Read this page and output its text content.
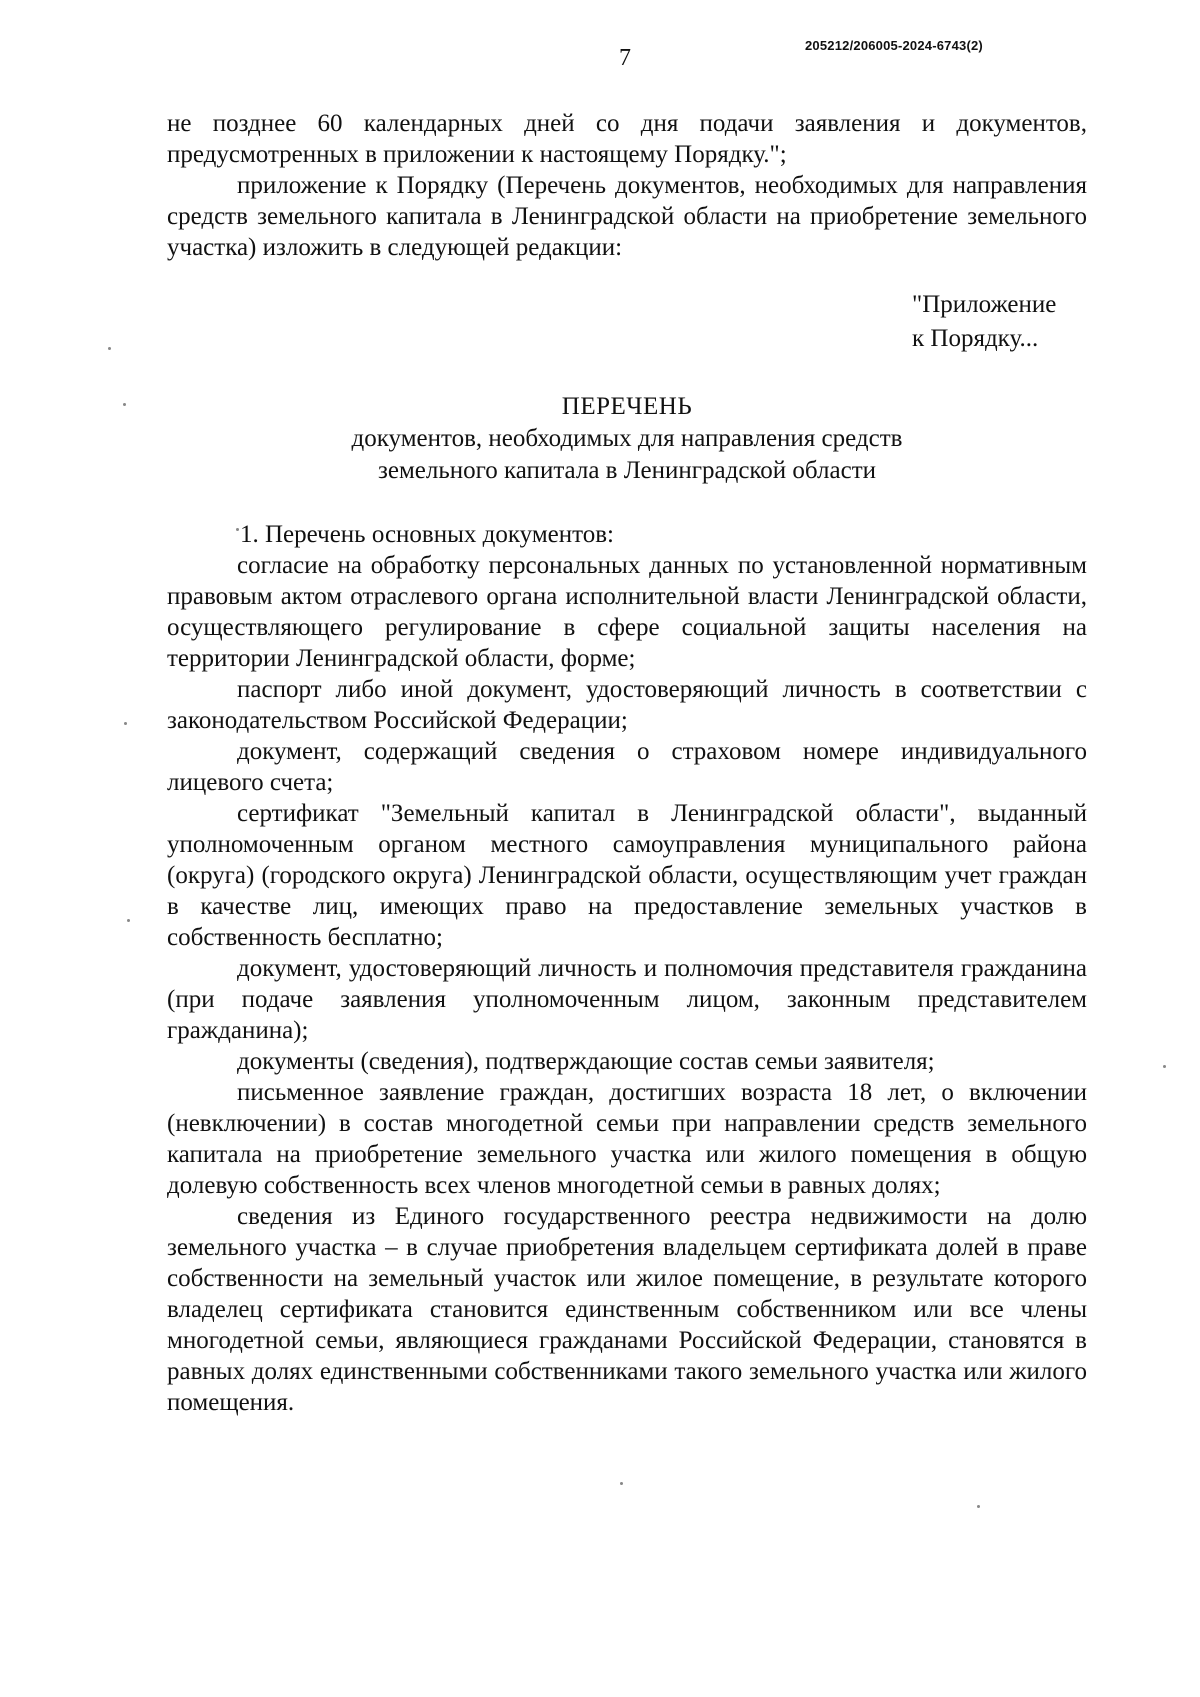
205212/206005-2024-6743(2)
7

не позднее 60 календарных дней со дня подачи заявления и документов, предусмотренных в приложении к настоящему Порядку.";

приложение к Порядку (Перечень документов, необходимых для направления средств земельного капитала в Ленинградской области на приобретение земельного участка) изложить в следующей редакции:

"Приложение
к Порядку...

ПЕРЕЧЕНЬ

документов, необходимых для направления средств

земельного капитала в Ленинградской области

1. Перечень основных документов:

согласие на обработку персональных данных по установленной нормативным правовым актом отраслевого органа исполнительной власти Ленинградской области, осуществляющего регулирование в сфере социальной защиты населения на территории Ленинградской области, форме;

паспорт либо иной документ, удостоверяющий личность в соответствии с законодательством Российской Федерации;

документ, содержащий сведения о страховом номере индивидуального лицевого счета;

сертификат "Земельный капитал в Ленинградской области", выданный уполномоченным органом местного самоуправления муниципального района (округа) (городского округа) Ленинградской области, осуществляющим учет граждан в качестве лиц, имеющих право на предоставление земельных участков в собственность бесплатно;

документ, удостоверяющий личность и полномочия представителя гражданина (при подаче заявления уполномоченным лицом, законным представителем гражданина);

документы (сведения), подтверждающие состав семьи заявителя;

письменное заявление граждан, достигших возраста 18 лет, о включении (невключении) в состав многодетной семьи при направлении средств земельного капитала на приобретение земельного участка или жилого помещения в общую долевую собственность всех членов многодетной семьи в равных долях;

сведения из Единого государственного реестра недвижимости на долю земельного участка – в случае приобретения владельцем сертификата долей в праве собственности на земельный участок или жилое помещение, в результате которого владелец сертификата становится единственным собственником или все члены многодетной семьи, являющиеся гражданами Российской Федерации, становятся в равных долях единственными собственниками такого земельного участка или жилого помещения.
